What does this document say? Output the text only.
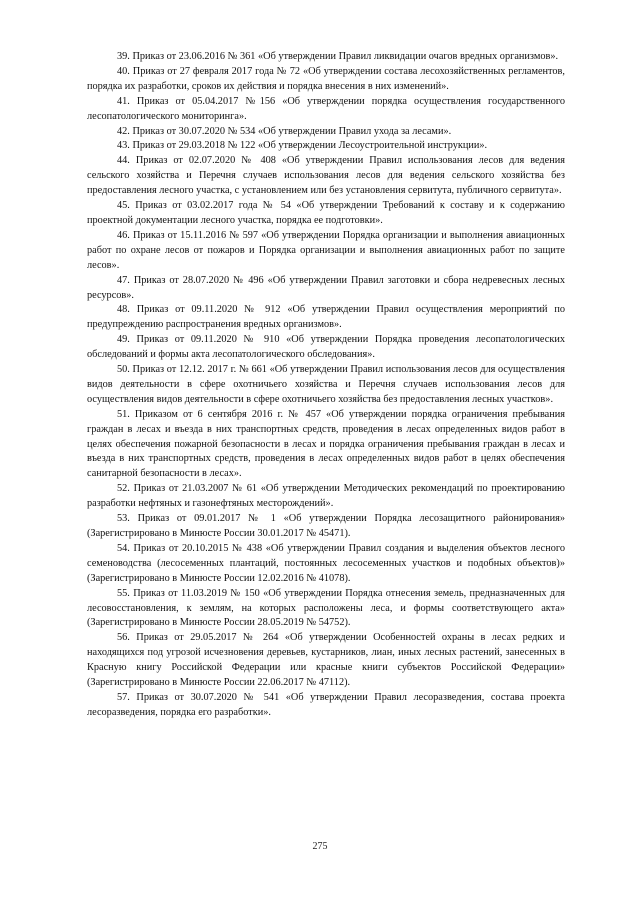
39. Приказ от 23.06.2016 № 361 «Об утверждении Правил ликвидации очагов вредных организмов».

40. Приказ от 27 февраля 2017 года № 72 «Об утверждении состава лесохозяйственных регламентов, порядка их разработки, сроков их действия и порядка внесения в них изменений».

41. Приказ от 05.04.2017 №156 «Об утверждении порядка осуществления государственного лесопатологического мониторинга».

42. Приказ от 30.07.2020 № 534 «Об утверждении Правил ухода за лесами».

43. Приказ от 29.03.2018 № 122 «Об утверждении Лесоустроительной инструкции».

44. Приказ от 02.07.2020 № 408 «Об утверждении Правил использования лесов для ведения сельского хозяйства и Перечня случаев использования лесов для ведения сельского хозяйства без предоставления лесного участка, с установлением или без установления сервитута, публичного сервитута».

45. Приказ от 03.02.2017 года № 54 «Об утверждении Требований к составу и к содержанию проектной документации лесного участка, порядка ее подготовки».

46. Приказ от 15.11.2016 № 597 «Об утверждении Порядка организации и выполнения авиационных работ по охране лесов от пожаров и Порядка организации и выполнения авиационных работ по защите лесов».

47. Приказ от 28.07.2020 № 496 «Об утверждении Правил заготовки и сбора недревесных лесных ресурсов».

48. Приказ от 09.11.2020 № 912 «Об утверждении Правил осуществления мероприятий по предупреждению распространения вредных организмов».

49. Приказ от 09.11.2020 № 910 «Об утверждении Порядка проведения лесопатологических обследований и формы акта лесопатологического обследования».

50. Приказ от 12.12. 2017 г. № 661 «Об утверждении Правил использования лесов для осуществления видов деятельности в сфере охотничьего хозяйства и Перечня случаев использования лесов для осуществления видов деятельности в сфере охотничьего хозяйства без предоставления лесных участков».

51. Приказом от 6 сентября 2016 г. № 457 «Об утверждении порядка ограничения пребывания граждан в лесах и въезда в них транспортных средств, проведения в лесах определенных видов работ в целях обеспечения пожарной безопасности в лесах и порядка ограничения пребывания граждан в лесах и въезда в них транспортных средств, проведения в лесах определенных видов работ в целях обеспечения санитарной безопасности в лесах».

52. Приказ от 21.03.2007 № 61 «Об утверждении Методических рекомендаций по проектированию разработки нефтяных и газонефтяных месторождений».

53. Приказ от 09.01.2017 № 1 «Об утверждении Порядка лесозащитного районирования» (Зарегистрировано в Минюсте России 30.01.2017 № 45471).

54. Приказ от 20.10.2015 № 438 «Об утверждении Правил создания и выделения объектов лесного семеноводства (лесосеменных плантаций, постоянных лесосеменных участков и подобных объектов)» (Зарегистрировано в Минюсте России 12.02.2016 № 41078).

55. Приказ от 11.03.2019 № 150 «Об утверждении Порядка отнесения земель, предназначенных для лесовосстановления, к землям, на которых расположены леса, и формы соответствующего акта» (Зарегистрировано в Минюсте России 28.05.2019 № 54752).

56. Приказ от 29.05.2017 № 264 «Об утверждении Особенностей охраны в лесах редких и находящихся под угрозой исчезновения деревьев, кустарников, лиан, иных лесных растений, занесенных в Красную книгу Российской Федерации или красные книги субъектов Российской Федерации» (Зарегистрировано в Минюсте России 22.06.2017 № 47112).

57. Приказ от 30.07.2020 № 541 «Об утверждении Правил лесоразведения, состава проекта лесоразведения, порядка его разработки».

275
